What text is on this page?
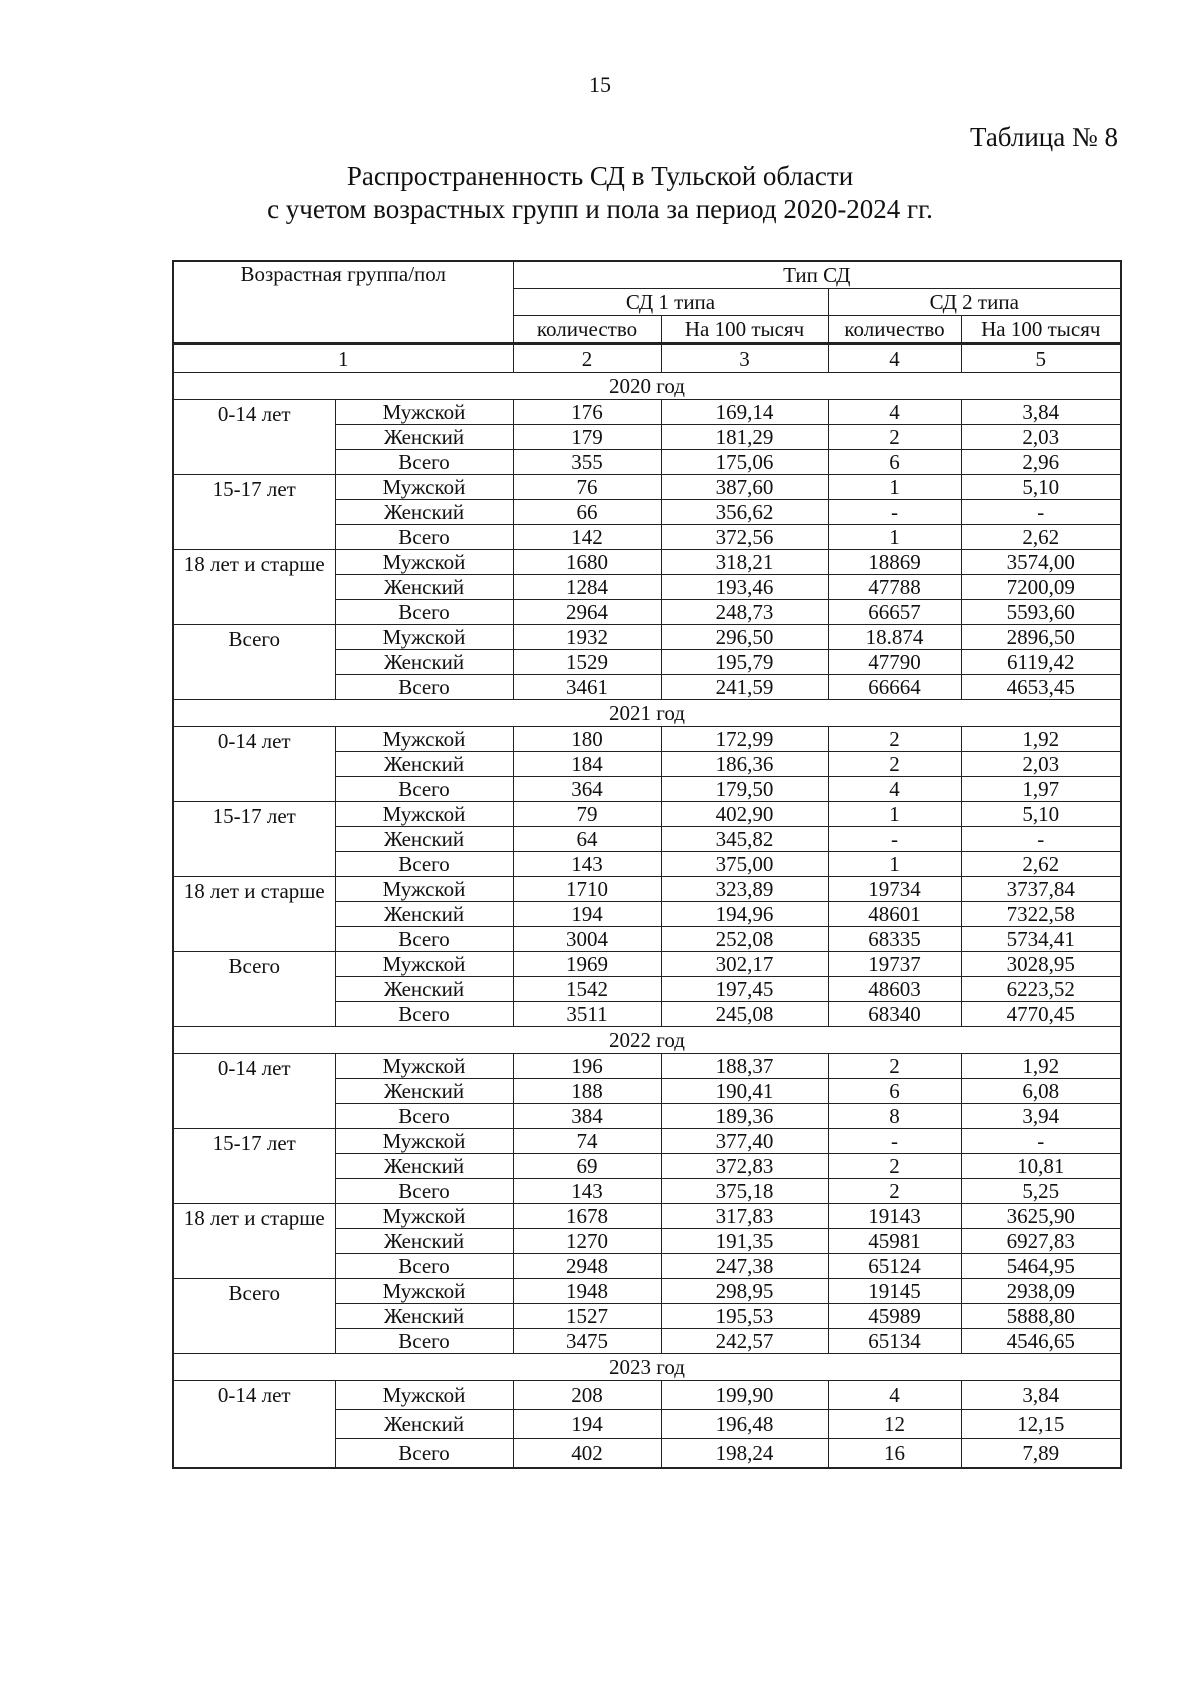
15
Таблица № 8
Распространенность СД в Тульской области
с учетом возрастных групп и пола за период 2020-2024 гг.
Возрастная группа/пол		Тип СД			
		СД 1 типа		СД 2 типа	
		количество	На 100 тысяч	количество	На 100 тысяч
1		2	3	4	5
2020 год					
0-14 лет	Мужской	176	169,14	4	3,84
	Женский	179	181,29	2	2,03
	Всего	355	175,06	6	2,96
15-17 лет	Мужской	76	387,60	1	5,10
	Женский	66	356,62	-	-
	Всего	142	372,56	1	2,62
18 лет и старше	Мужской	1680	318,21	18869	3574,00
	Женский	1284	193,46	47788	7200,09
	Всего	2964	248,73	66657	5593,60
Всего	Мужской	1932	296,50	18.874	2896,50
	Женский	1529	195,79	47790	6119,42
	Всего	3461	241,59	66664	4653,45
2021 год					
0-14 лет	Мужской	180	172,99	2	1,92
	Женский	184	186,36	2	2,03
	Всего	364	179,50	4	1,97
15-17 лет	Мужской	79	402,90	1	5,10
	Женский	64	345,82	-	-
	Всего	143	375,00	1	2,62
18 лет и старше	Мужской	1710	323,89	19734	3737,84
	Женский	194	194,96	48601	7322,58
	Всего	3004	252,08	68335	5734,41
Всего	Мужской	1969	302,17	19737	3028,95
	Женский	1542	197,45	48603	6223,52
	Всего	3511	245,08	68340	4770,45
2022 год					
0-14 лет	Мужской	196	188,37	2	1,92
	Женский	188	190,41	6	6,08
	Всего	384	189,36	8	3,94
15-17 лет	Мужской	74	377,40	-	-
	Женский	69	372,83	2	10,81
	Всего	143	375,18	2	5,25
18 лет и старше	Мужской	1678	317,83	19143	3625,90
	Женский	1270	191,35	45981	6927,83
	Всего	2948	247,38	65124	5464,95
Всего	Мужской	1948	298,95	19145	2938,09
	Женский	1527	195,53	45989	5888,80
	Всего	3475	242,57	65134	4546,65
2023 год					
0-14 лет	Мужской	208	199,90	4	3,84
	Женский	194	196,48	12	12,15
	Всего	402	198,24	16	7,89
